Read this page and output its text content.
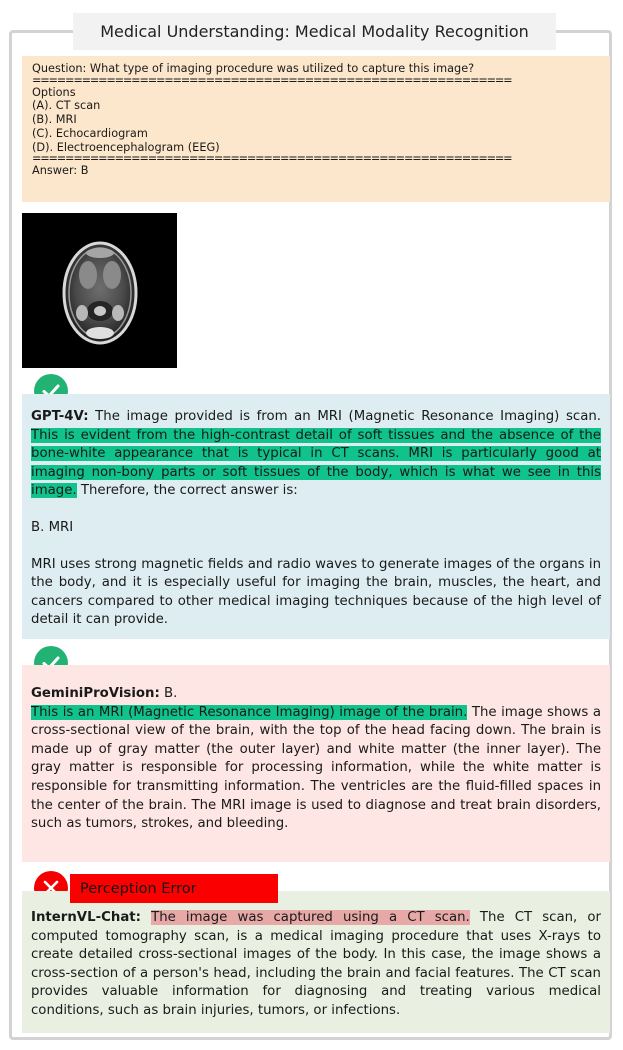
Medical Understanding: Medical Modality Recognition
Question: What type of imaging procedure was utilized to capture this image?
==========================================================
Options
(A). CT scan
(B). MRI
(C). Echocardiogram
(D). Electroencephalogram (EEG)
==========================================================
Answer: B

GPT-4V: The image provided is from an MRI (Magnetic Resonance Imaging) scan. This is evident from the high-contrast detail of soft tissues and the absence of the bone-white appearance that is typical in CT scans. MRI is particularly good at imaging non-bony parts or soft tissues of the body, which is what we see in this image. Therefore, the correct answer is:

B. MRI

MRI uses strong magnetic fields and radio waves to generate images of the organs in the body, and it is especially useful for imaging the brain, muscles, the heart, and cancers compared to other medical imaging techniques because of the high level of detail it can provide.

GeminiProVision: B.
This is an MRI (Magnetic Resonance Imaging) image of the brain. The image shows a cross-sectional view of the brain, with the top of the head facing down. The brain is made up of gray matter (the outer layer) and white matter (the inner layer). The gray matter is responsible for processing information, while the white matter is responsible for transmitting information. The ventricles are the fluid-filled spaces in the center of the brain. The MRI image is used to diagnose and treat brain disorders, such as tumors, strokes, and bleeding.

InternVL-Chat: The image was captured using a CT scan. The CT scan, or computed tomography scan, is a medical imaging procedure that uses X-rays to create detailed cross-sectional images of the body. In this case, the image shows a cross-section of a person's head, including the brain and facial features. The CT scan provides valuable information for diagnosing and treating various medical conditions, such as brain injuries, tumors, or infections.

Perception Error
